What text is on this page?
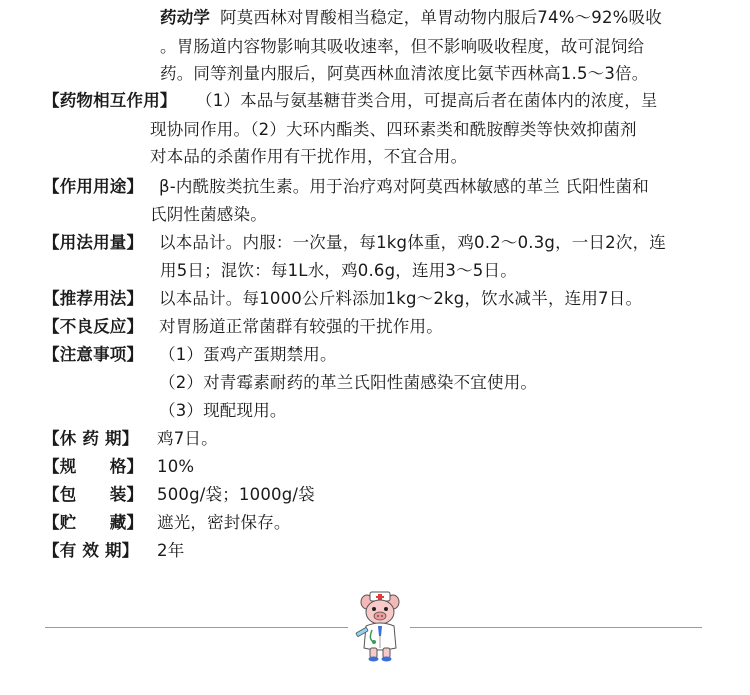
药动学 阿莫西林对胃酸相当稳定，单胃动物内服后74%～92%吸收
。胃肠道内容物影响其吸收速率，但不影响吸收程度，故可混饲给
药。同等剂量内服后，阿莫西林血清浓度比氨苄西林高1.5～3倍。
【药物相互作用】 （1）本品与氨基糖苷类合用，可提高后者在菌体内的浓度，呈
现协同作用。（2）大环内酯类、四环素类和酰胺醇类等快效抑菌剂
对本品的杀菌作用有干扰作用，不宜合用。
【作用用途】 β-内酰胺类抗生素。用于治疗鸡对阿莫西林敏感的革兰 氏阳性菌和
氏阴性菌感染。
【用法用量】 以本品计。内服：一次量，每1kg体重，鸡0.2～0.3g，一日2次，连
用5日；混饮：每1L水，鸡0.6g，连用3～5日。
【推荐用法】 以本品计。每1000公斤料添加1kg～2kg，饮水减半，连用7日。
【不良反应】 对胃肠道正常菌群有较强的干扰作用。
【注意事项】 （1）蛋鸡产蛋期禁用。
（2）对青霉素耐药的革兰氏阳性菌感染不宜使用。
（3）现配现用。
【休 药 期】 鸡7日。
【规　　格】 10%
【包　　装】 500g/袋；1000g/袋
【贮　　藏】 遮光，密封保存。
【有 效 期】 2年
